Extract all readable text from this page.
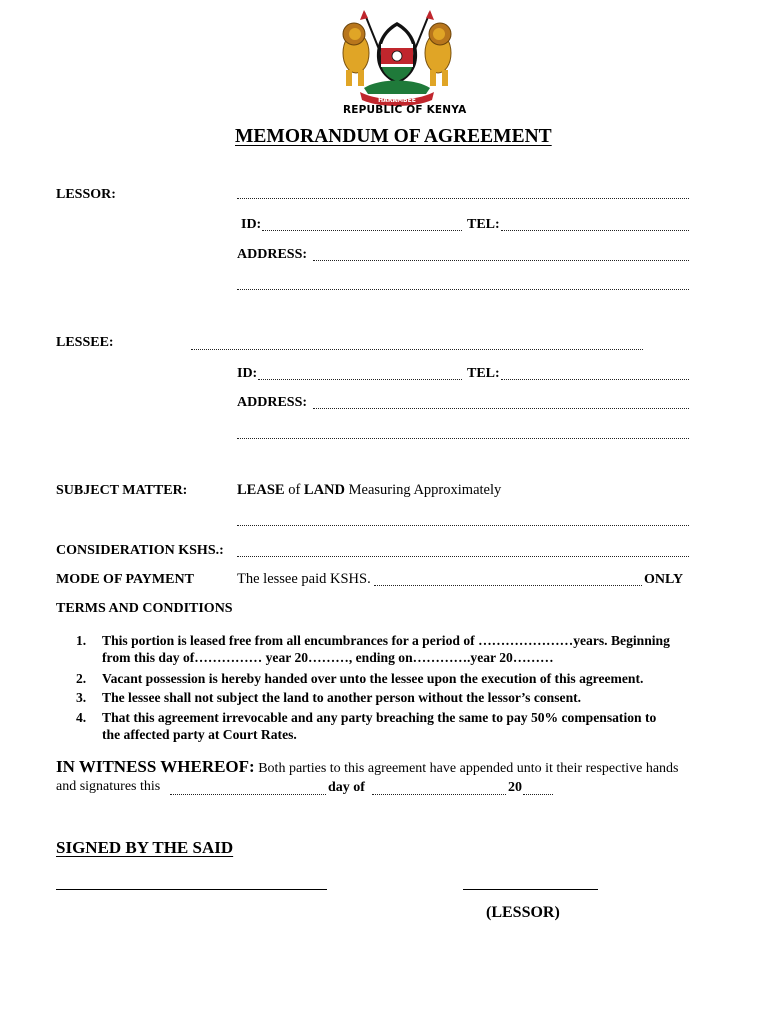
HARAMBEE
REPUBLIC OF KENYA
MEMORANDUM OF AGREEMENT
LESSOR:
ID:	TEL:
ADDRESS:
LESSEE:
ID:	TEL:
ADDRESS:
SUBJECT MATTER:	LEASE of LAND Measuring Approximately
CONSIDERATION KSHS.:
MODE OF PAYMENT	The lessee paid KSHS.	ONLY
TERMS AND CONDITIONS
1. This portion is leased free from all encumbrances for a period of …………………years. Beginning
from this day of…………… year 20………, ending on………….year 20………
2. Vacant possession is hereby handed over unto the lessee upon the execution of this agreement.
3. The lessee shall not subject the land to another person without the lessor’s consent.
4. That this agreement irrevocable and any party breaching the same to pay 50% compensation to
the affected party at Court Rates.
IN WITNESS WHEREOF: Both parties to this agreement have appended unto it their respective hands
and signatures this	day of	20
SIGNED BY THE SAID
(LESSOR)
